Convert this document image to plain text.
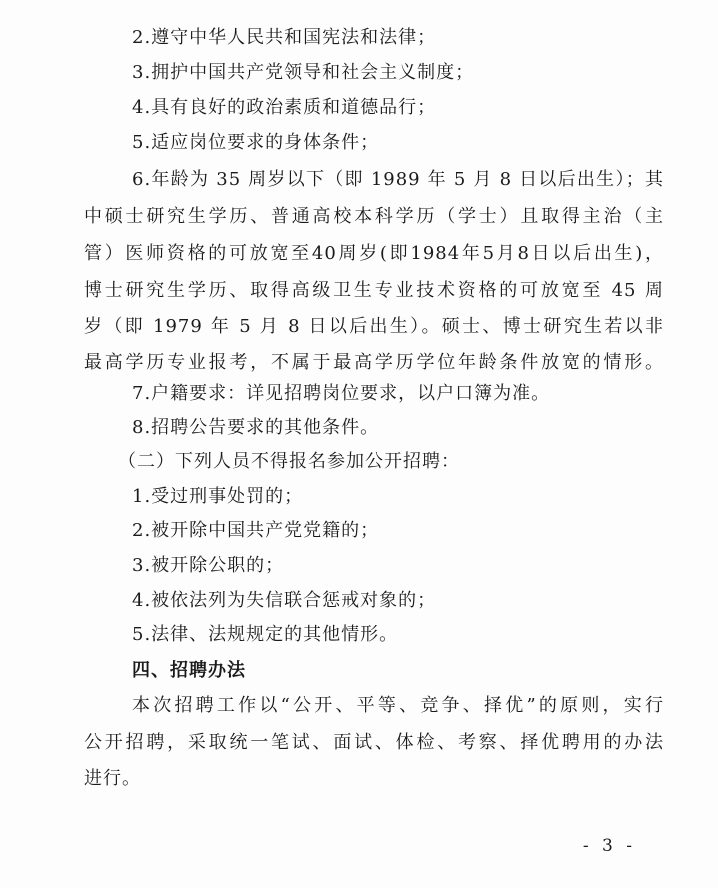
2.遵守中华人民共和国宪法和法律；
3.拥护中国共产党领导和社会主义制度；
4.具有良好的政治素质和道德品行；
5.适应岗位要求的身体条件；
6.年龄为 35 周岁以下（即 1989 年 5 月 8 日以后出生）；其
中硕士研究生学历、普通高校本科学历（学士）且取得主治（主
管）医师资格的可放宽至40周岁(即1984年5月8日以后出生)，
博士研究生学历、取得高级卫生专业技术资格的可放宽至 45 周
岁（即 1979 年 5 月 8 日以后出生）。硕士、博士研究生若以非
最高学历专业报考，不属于最高学历学位年龄条件放宽的情形。
7.户籍要求：详见招聘岗位要求，以户口簿为准。
8.招聘公告要求的其他条件。
（二）下列人员不得报名参加公开招聘：
1.受过刑事处罚的；
2.被开除中国共产党党籍的；
3.被开除公职的；
4.被依法列为失信联合惩戒对象的；
5.法律、法规规定的其他情形。
四、招聘办法
本次招聘工作以“公开、平等、竞争、择优”的原则，实行
公开招聘，采取统一笔试、面试、体检、考察、择优聘用的办法
进行。
- 3 -
